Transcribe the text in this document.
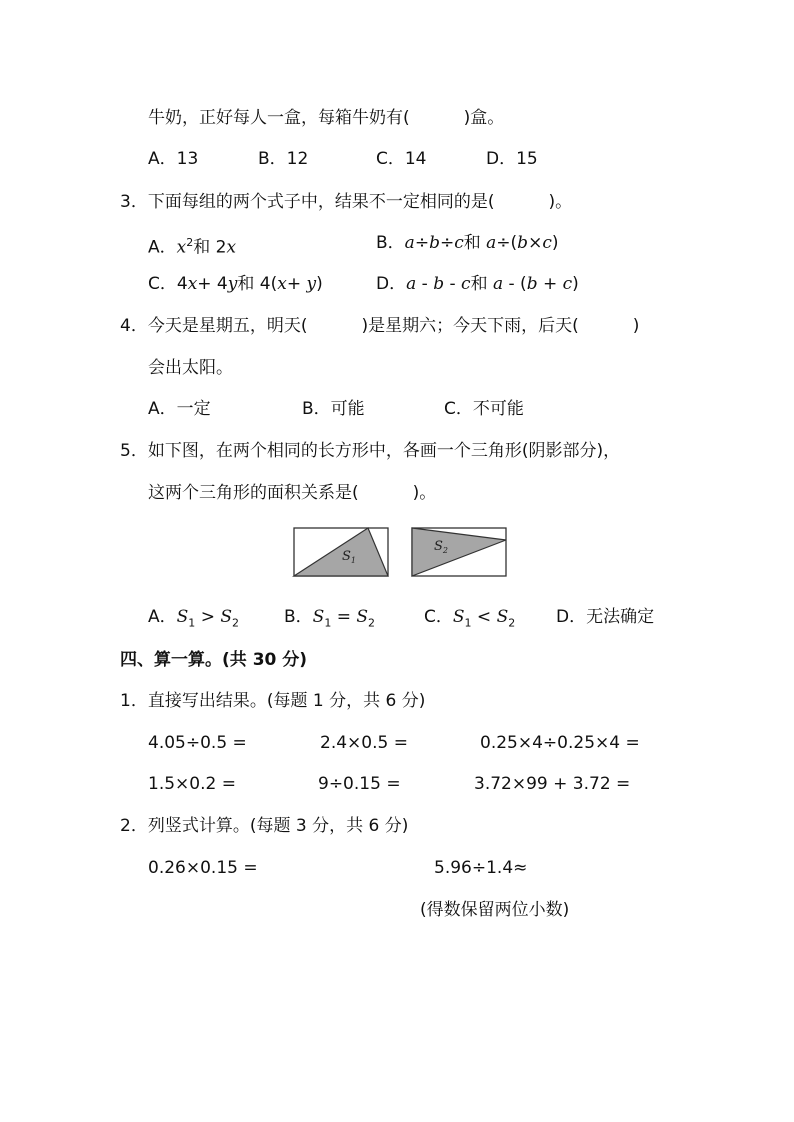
牛奶，正好每人一盒，每箱牛奶有(          )盒。
A．13	B．12	C．14	D．15
3．下面每组的两个式子中，结果不一定相同的是(          )。
A．$x^2$和 2x	B．a÷b÷c和 a÷(b×c)
C．4x+ 4y和 4(x+ y)	D．a - b - c和 a - (b + c)
4．今天是星期五，明天(          )是星期六；今天下雨，后天(          )
会出太阳。
A．一定	B．可能	C．不可能
5．如下图，在两个相同的长方形中，各画一个三角形(阴影部分)，
这两个三角形的面积关系是(          )。
$S_1$
$S_2$
A．$S_1 > S_2$	B．$S_1 = S_2$	C．$S_1 < S_2$ D．无法确定
四、算一算。(共 30 分)
1．直接写出结果。(每题 1 分，共 6 分)
4.05÷0.5 =	2.4×0.5 =	0.25×4÷0.25×4 =
1.5×0.2 =	9÷0.15 =	3.72×99 + 3.72 =
2．列竖式计算。(每题 3 分，共 6 分)
0.26×0.15 =	5.96÷1.4≈
(得数保留两位小数)
